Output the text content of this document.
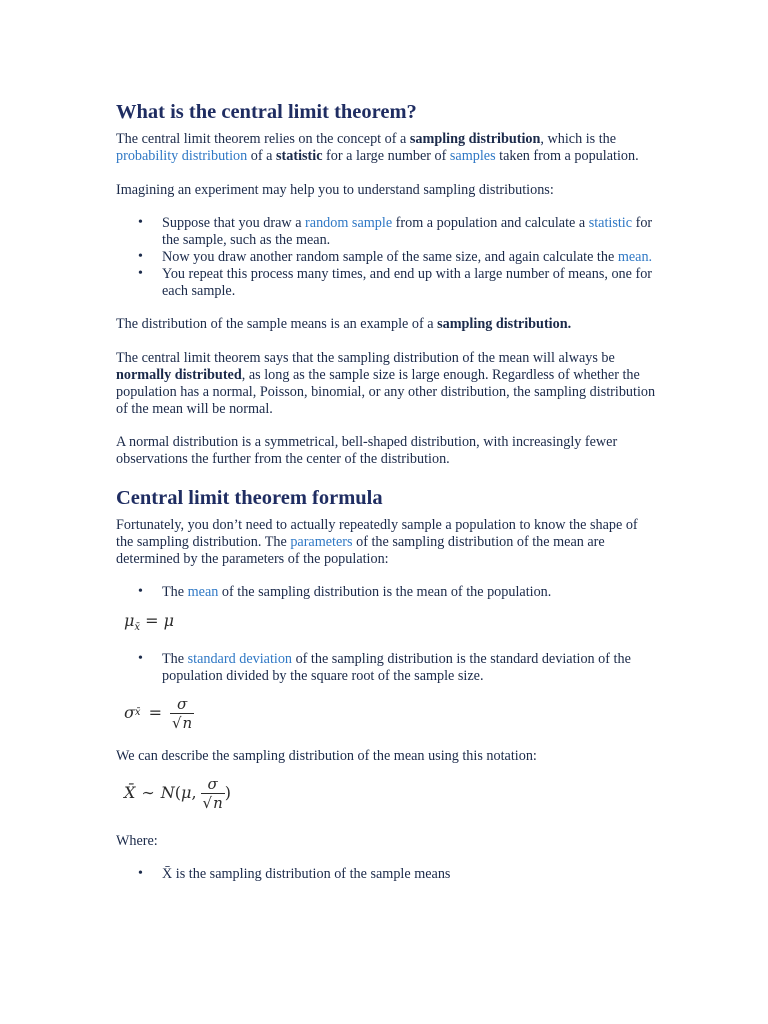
What is the central limit theorem?

The central limit theorem relies on the concept of a sampling distribution, which is the probability distribution of a statistic for a large number of samples taken from a population.

Imagining an experiment may help you to understand sampling distributions:

• Suppose that you draw a random sample from a population and calculate a statistic for the sample, such as the mean.
• Now you draw another random sample of the same size, and again calculate the mean.
• You repeat this process many times, and end up with a large number of means, one for each sample.

The distribution of the sample means is an example of a sampling distribution.

The central limit theorem says that the sampling distribution of the mean will always be normally distributed, as long as the sample size is large enough. Regardless of whether the population has a normal, Poisson, binomial, or any other distribution, the sampling distribution of the mean will be normal.

A normal distribution is a symmetrical, bell-shaped distribution, with increasingly fewer observations the further from the center of the distribution.

Central limit theorem formula

Fortunately, you don’t need to actually repeatedly sample a population to know the shape of the sampling distribution. The parameters of the sampling distribution of the mean are determined by the parameters of the population:

• The mean of the sampling distribution is the mean of the population.
$\mu_{x̄} = \mu$
• The standard deviation of the sampling distribution is the standard deviation of the population divided by the square root of the sample size.
σ x̄ = $\frac{\sigma}{√n}$

We can describe the sampling distribution of the mean using this notation:

X̄ ∼ N ( μ , $\frac{\sigma}{√n}$ )

Where:

• X̄ is the sampling distribution of the sample means
